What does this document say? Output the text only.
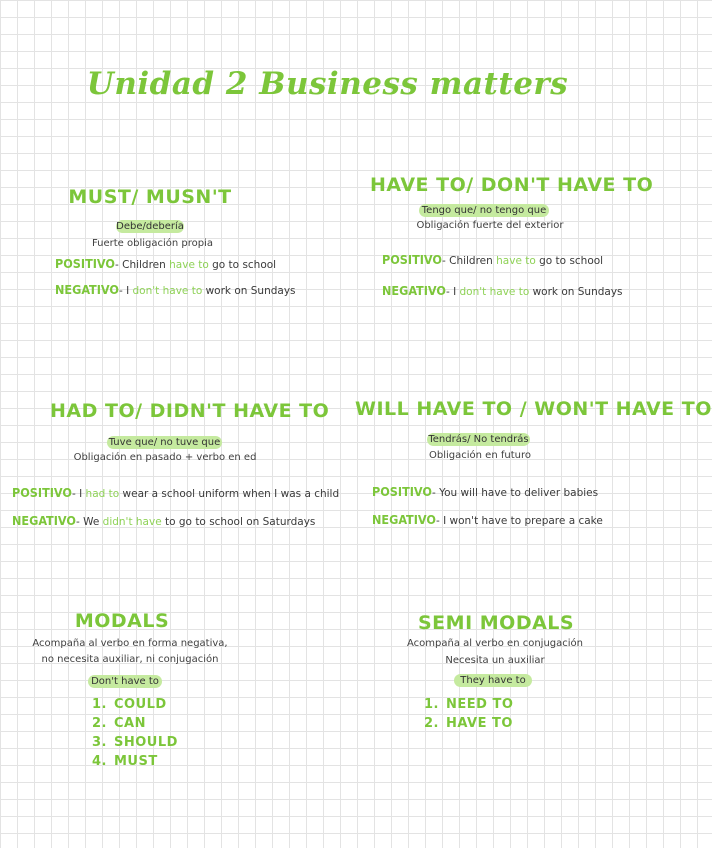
Unidad 2 Business matters
MUST/ MUSN'T
Debe/debería
Fuerte obligación propia
POSITIVO- Children have to go to school
NEGATIVO- I don't have to work on Sundays
HAVE TO/ DON'T HAVE TO
Tengo que/ no tengo que
Obligación fuerte del exterior
POSITIVO- Children have to go to school
NEGATIVO- I don't have to work on Sundays
HAD TO/ DIDN'T HAVE TO
Tuve que/ no tuve que
Obligación en pasado + verbo en ed
POSITIVO- I had to wear a school uniform when I was a child
NEGATIVO- We didn't have to go to school on Saturdays
WILL HAVE TO / WON'T HAVE TO
Tendrás/ No tendrás
Obligación en futuro
POSITIVO- You will have to deliver babies
NEGATIVO- I won't have to prepare a cake
MODALS
Acompaña al verbo en forma negativa,
no necesita auxiliar, ni conjugación
Don't have to
1. COULD
2. CAN
3. SHOULD
4. MUST
SEMI MODALS
Acompaña al verbo en conjugación
Necesita un auxiliar
They have to
1. NEED TO
2. HAVE TO
